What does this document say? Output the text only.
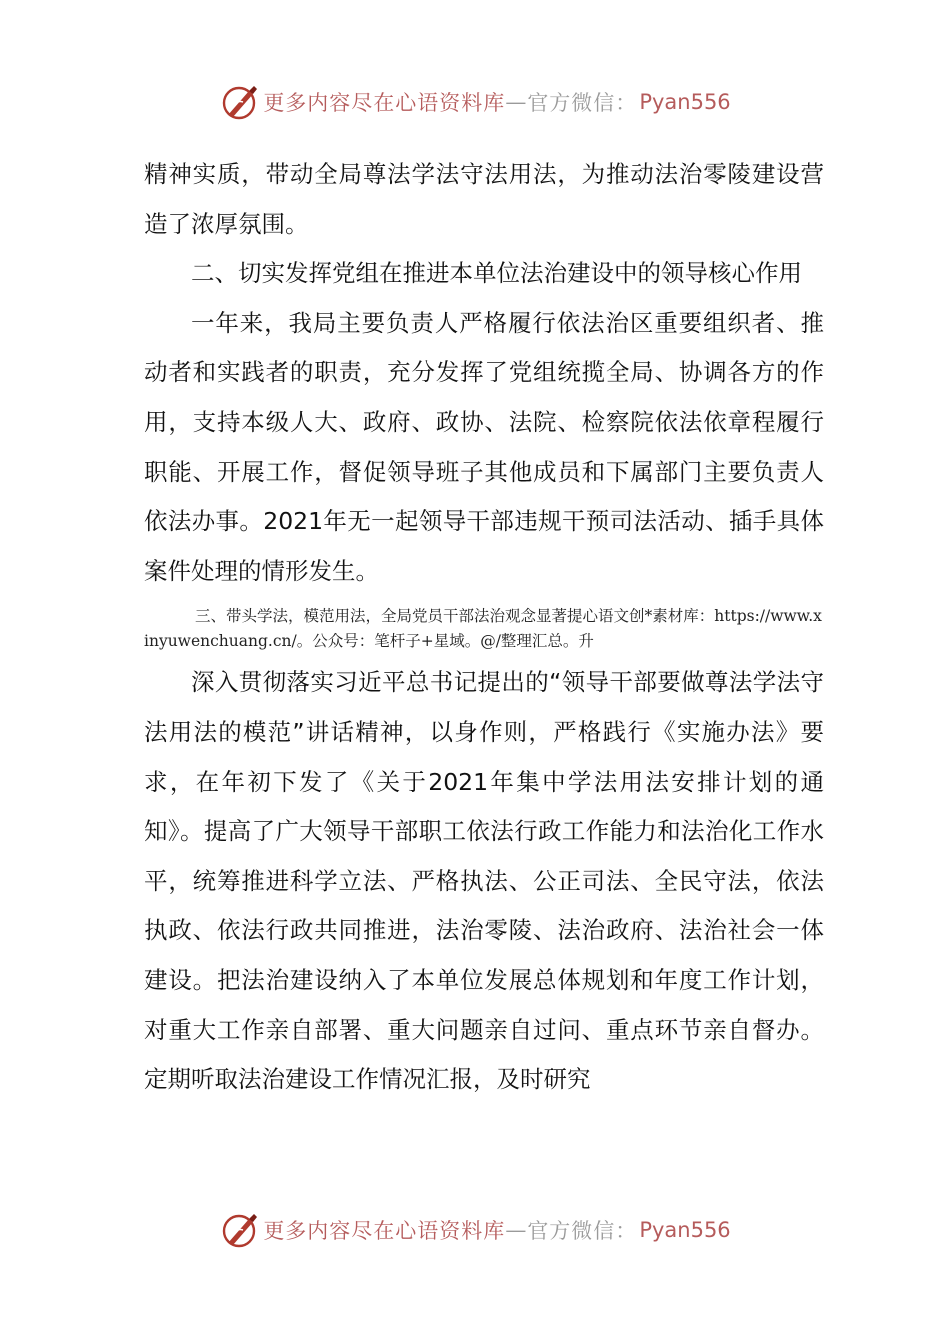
更多内容尽在心语资料库 — 官方微信： Pyan556

精神实质，带动全局尊法学法守法用法，为推动法治零陵建设营造了浓厚氛围。

二、切实发挥党组在推进本单位法治建设中的领导核心作用

一年来，我局主要负责人严格履行依法治区重要组织者、推动者和实践者的职责，充分发挥了党组统揽全局、协调各方的作用，支持本级人大、政府、政协、法院、检察院依法依章程履行职能、开展工作，督促领导班子其他成员和下属部门主要负责人依法办事。2021年无一起领导干部违规干预司法活动、插手具体案件处理的情形发生。

三、带头学法，模范用法，全局党员干部法治观念显著提心语文创*素材库：https://www.xinyuwenchuang.cn/。公众号：笔杆子+星域。@/整理汇总。升

深入贯彻落实习近平总书记提出的“领导干部要做尊法学法守法用法的模范”讲话精神，以身作则，严格践行《实施办法》要求，在年初下发了《关于2021年集中学法用法安排计划的通知》。提高了广大领导干部职工依法行政工作能力和法治化工作水平，统筹推进科学立法、严格执法、公正司法、全民守法，依法执政、依法行政共同推进，法治零陵、法治政府、法治社会一体建设。把法治建设纳入了本单位发展总体规划和年度工作计划，对重大工作亲自部署、重大问题亲自过问、重点环节亲自督办。定期听取法治建设工作情况汇报，及时研究

更多内容尽在心语资料库 — 官方微信： Pyan556
